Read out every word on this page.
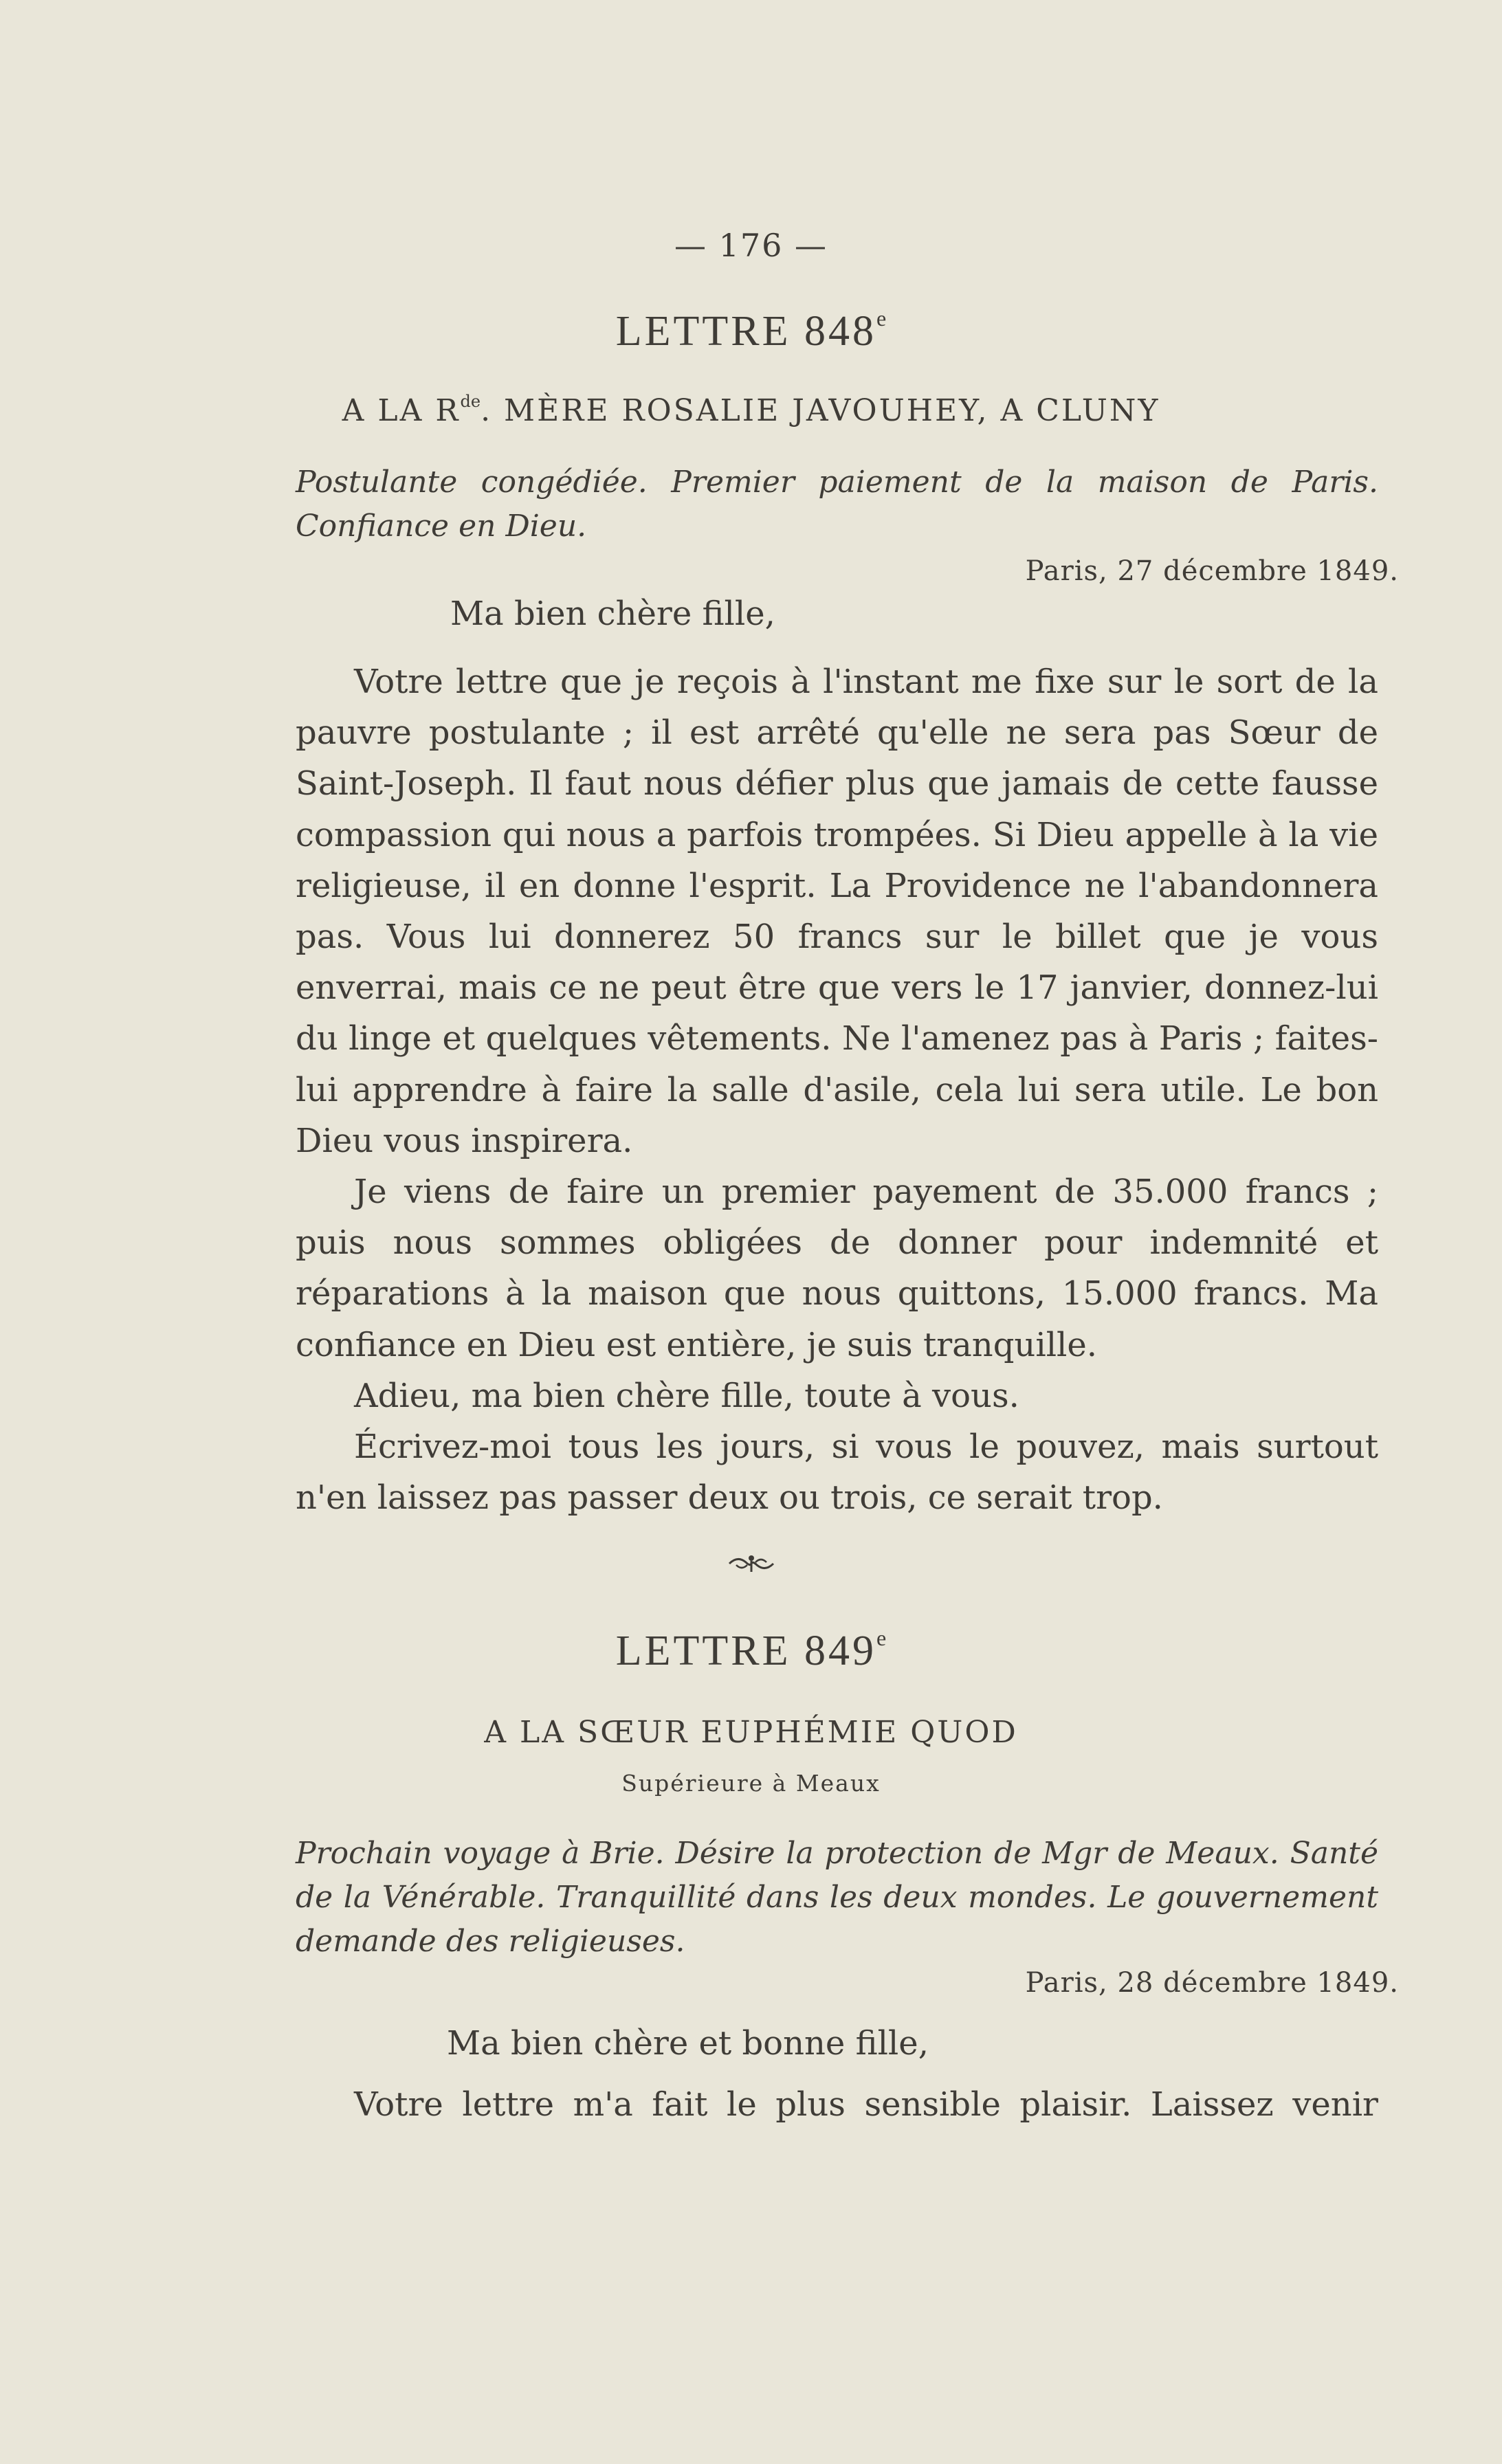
— 176 —
LETTRE 848e
A LA $R^{de}$. MÈRE ROSALIE JAVOUHEY, A CLUNY

Postulante congédiée. Premier paiement de la maison de Paris. Confiance en Dieu.

Paris, 27 décembre 1849.
Ma bien chère fille,

Votre lettre que je reçois à l'instant me fixe sur le sort de la pauvre postulante ; il est arrêté qu'elle ne sera pas Sœur de Saint-Joseph. Il faut nous défier plus que jamais de cette fausse compassion qui nous a parfois trompées. Si Dieu appelle à la vie religieuse, il en donne l'esprit. La Providence ne l'abandonnera pas. Vous lui donnerez 50 francs sur le billet que je vous enverrai, mais ce ne peut être que vers le 17 janvier, donnez-lui du linge et quelques vêtements. Ne l'amenez pas à Paris ; faites-lui apprendre à faire la salle d'asile, cela lui sera utile. Le bon Dieu vous inspirera.

Je viens de faire un premier payement de 35.000 francs ; puis nous sommes obligées de donner pour indemnité et réparations à la maison que nous quittons, 15.000 francs. Ma confiance en Dieu est entière, je suis tranquille.

Adieu, ma bien chère fille, toute à vous.

Écrivez-moi tous les jours, si vous le pouvez, mais surtout n'en laissez pas passer deux ou trois, ce serait trop.

LETTRE 849e
A LA SŒUR EUPHÉMIE QUOD
Supérieure à Meaux

Prochain voyage à Brie. Désire la protection de Mgr de Meaux. Santé de la Vénérable. Tranquillité dans les deux mondes. Le gouvernement demande des religieuses.

Paris, 28 décembre 1849.
Ma bien chère et bonne fille,

Votre lettre m'a fait le plus sensible plaisir. Laissez venir
